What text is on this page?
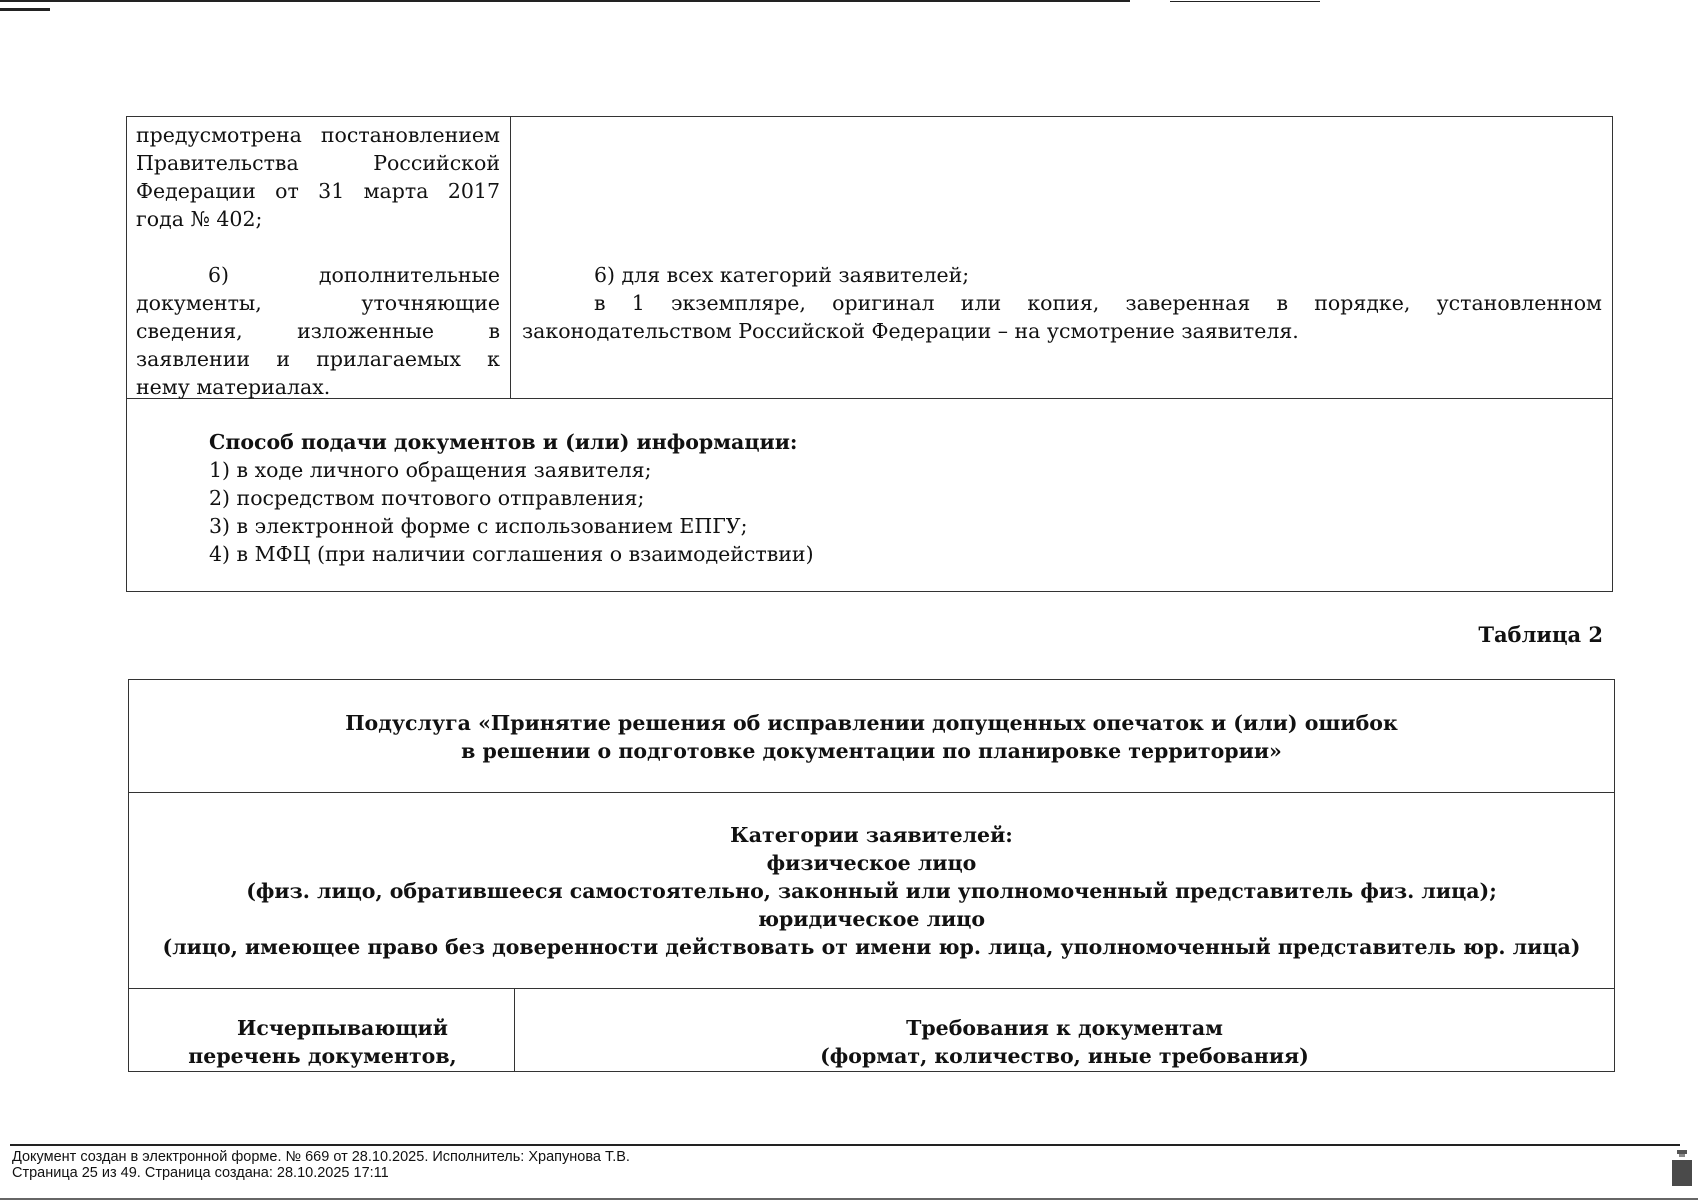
предусмотрена постановлением Правительства Российской Федерации от 31 марта 2017 года № 402;

6) дополнительные документы, уточняющие сведения, изложенные в заявлении и прилагаемых к нему материалах.

6) для всех категорий заявителей;

в 1 экземпляре, оригинал или копия, заверенная в порядке, установленном законодательством Российской Федерации – на усмотрение заявителя.

Способ подачи документов и (или) информации:

1) в ходе личного обращения заявителя;

2) посредством почтового отправления;

3) в электронной форме с использованием ЕПГУ;

4) в МФЦ (при наличии соглашения о взаимодействии)

Таблица 2

Подуслуга «Принятие решения об исправлении допущенных опечаток и (или) ошибок

в решении о подготовке документации по планировке территории»

Категории заявителей:

физическое лицо

(физ. лицо, обратившееся самостоятельно, законный или уполномоченный представитель физ. лица);

юридическое лицо

(лицо, имеющее право без доверенности действовать от имени юр. лица, уполномоченный представитель юр. лица)

Исчерпывающий

перечень документов,

Требования к документам

(формат, количество, иные требования)

Документ создан в электронной форме. № 669 от 28.10.2025. Исполнитель: Храпунова Т.В.
Страница 25 из 49. Страница создана: 28.10.2025 17:11
